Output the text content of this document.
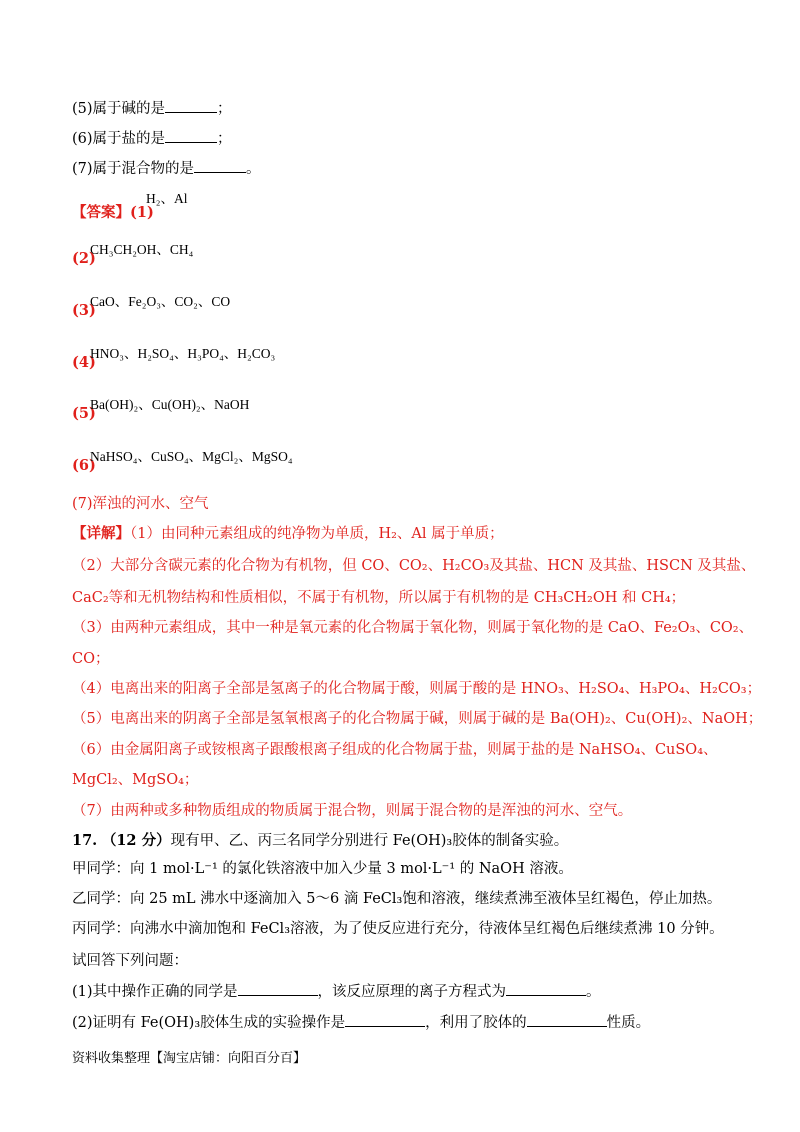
(5)属于碱的是	；
(6)属于盐的是	；
(7)属于混合物的是	。
【答案】(1)
H₂、Al
(2)
CH₃CH₂OH、CH₄
(3)
CaO、Fe₂O₃、CO₂、CO
(4)
HNO₃、H₂SO₄、H₃PO₄、H₂CO₃
(5)
Ba(OH)₂、Cu(OH)₂、NaOH
(6)
NaHSO₄、CuSO₄、MgCl₂、MgSO₄
(7)浑浊的河水、空气
【详解】（1）由同种元素组成的纯净物为单质，H₂、Al 属于单质；
（2）大部分含碳元素的化合物为有机物，但 CO、CO₂、H₂CO₃及其盐、HCN 及其盐、HSCN 及其盐、
CaC₂等和无机物结构和性质相似，不属于有机物，所以属于有机物的是 CH₃CH₂OH 和 CH₄；
（3）由两种元素组成，其中一种是氧元素的化合物属于氧化物，则属于氧化物的是 CaO、Fe₂O₃、CO₂、
CO；
（4）电离出来的阳离子全部是氢离子的化合物属于酸，则属于酸的是 HNO₃、H₂SO₄、H₃PO₄、H₂CO₃；
（5）电离出来的阴离子全部是氢氧根离子的化合物属于碱，则属于碱的是 Ba(OH)₂、Cu(OH)₂、NaOH；
（6）由金属阳离子或铵根离子跟酸根离子组成的化合物属于盐，则属于盐的是 NaHSO₄、CuSO₄、
MgCl₂、MgSO₄；
（7）由两种或多种物质组成的物质属于混合物，则属于混合物的是浑浊的河水、空气。
17. （12 分）现有甲、乙、丙三名同学分别进行 Fe(OH)₃胶体的制备实验。
甲同学：向 1 mol·L⁻¹ 的氯化铁溶液中加入少量 3 mol·L⁻¹ 的 NaOH 溶液。
乙同学：向 25 mL 沸水中逐滴加入 5～6 滴 FeCl₃饱和溶液，继续煮沸至液体呈红褐色，停止加热。
丙同学：向沸水中滴加饱和 FeCl₃溶液，为了使反应进行充分，待液体呈红褐色后继续煮沸 10 分钟。
试回答下列问题：
(1)其中操作正确的同学是	，该反应原理的离子方程式为	。
(2)证明有 Fe(OH)₃胶体生成的实验操作是	，利用了胶体的	性质。
资料收集整理【淘宝店铺：向阳百分百】
